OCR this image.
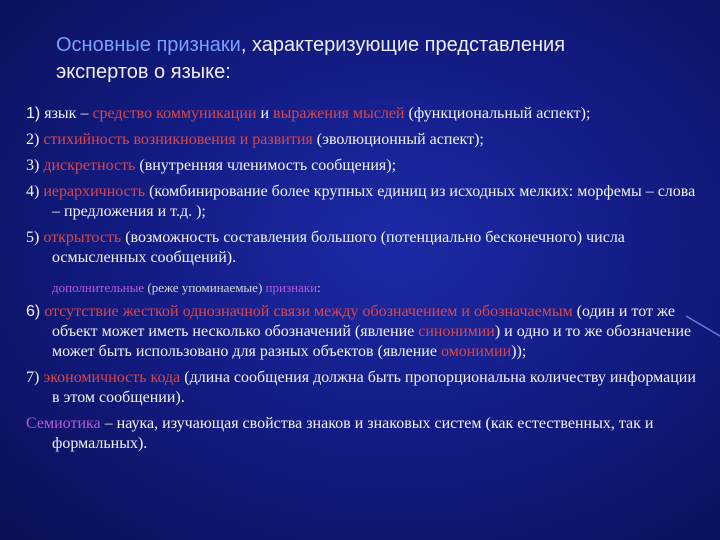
Основные признаки, характеризующие представления экспертов о языке:
1) язык – средство коммуникации и выражения мыслей (функциональный аспект);
2) стихийность возникновения и развития (эволюционный аспект);
3) дискретность (внутренняя членимость сообщения);
4) иерархичность (комбинирование более крупных единиц из исходных мелких: морфемы – слова – предложения и т.д. );
5) открытость (возможность составления большого (потенциально бесконечного) числа осмысленных сообщений).
дополнительные (реже упоминаемые) признаки:
6) отсутствие жесткой однозначной связи между обозначением и обозначаемым (один и тот же объект может иметь несколько обозначений (явление синонимии) и одно и то же обозначение может быть использовано для разных объектов (явление омонимии));
7) экономичность кода (длина сообщения должна быть пропорциональна количеству информации в этом сообщении).
Семиотика – наука, изучающая свойства знаков и знаковых систем (как естественных, так и формальных).
